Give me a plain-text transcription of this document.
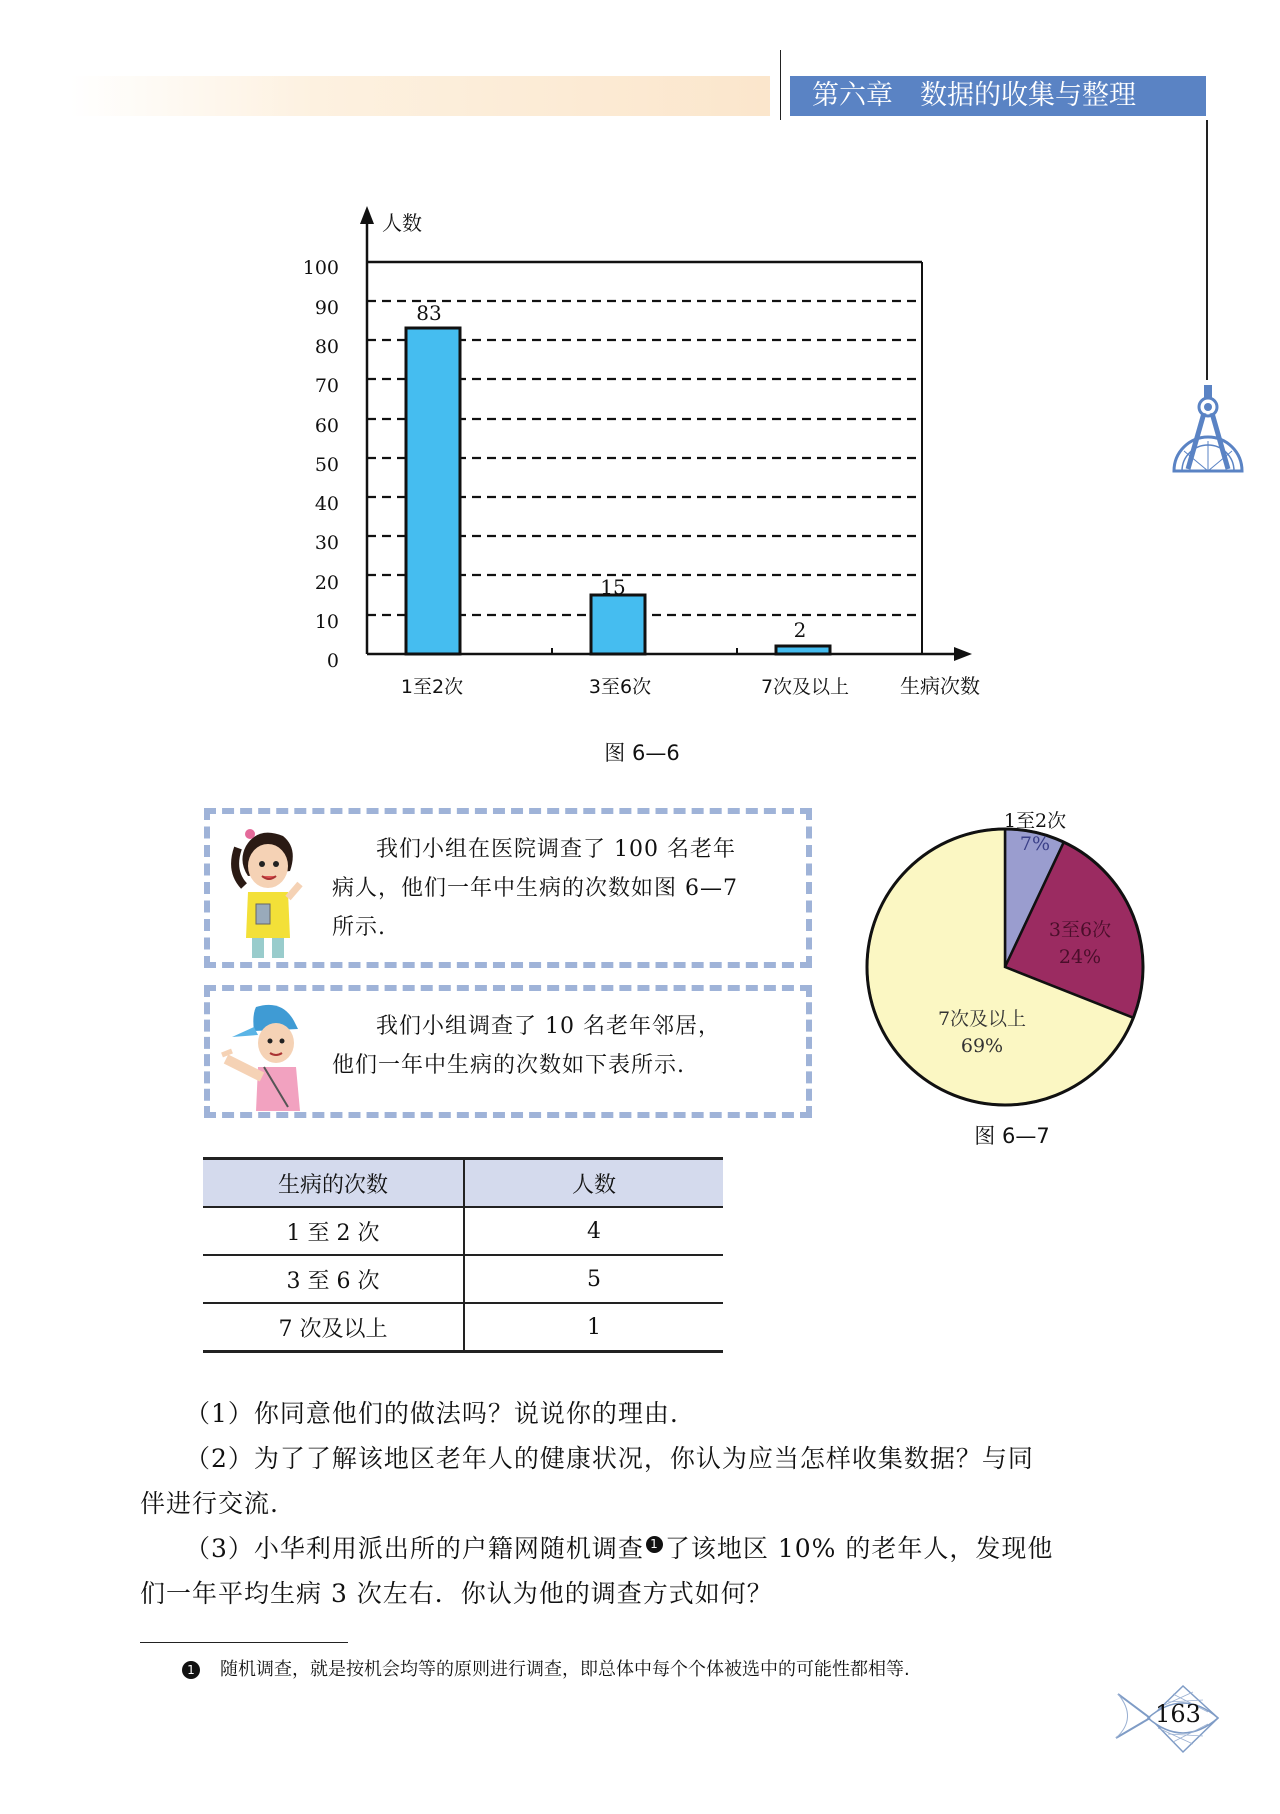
第六章　数据的收集与整理
0
10
20
30
40
50
60
70
80
90
100
人数
生病次数
1至2次	3至6次	7次及以上
83
15
2
图 6—6
我们小组在医院调查了 100 名老年
病人，他们一年中生病的次数如图 6—7
所示.
我们小组调查了 10 名老年邻居，
他们一年中生病的次数如下表所示.
1至2次
7%
3至6次
24%
7次及以上
69%
图 6—7
生病的次数	人数
1 至 2 次	4
3 至 6 次	5
7 次及以上	1

（1）你同意他们的做法吗？说说你的理由.

（2）为了了解该地区老年人的健康状况，你认为应当怎样收集数据？与同

伴进行交流.

（3）小华利用派出所的户籍网随机调查 1 了该地区 10% 的老年人，发现他

们一年平均生病 3 次左右．你认为他的调查方式如何？

1 随机调查，就是按机会均等的原则进行调查，即总体中每个个体被选中的可能性都相等.
163
